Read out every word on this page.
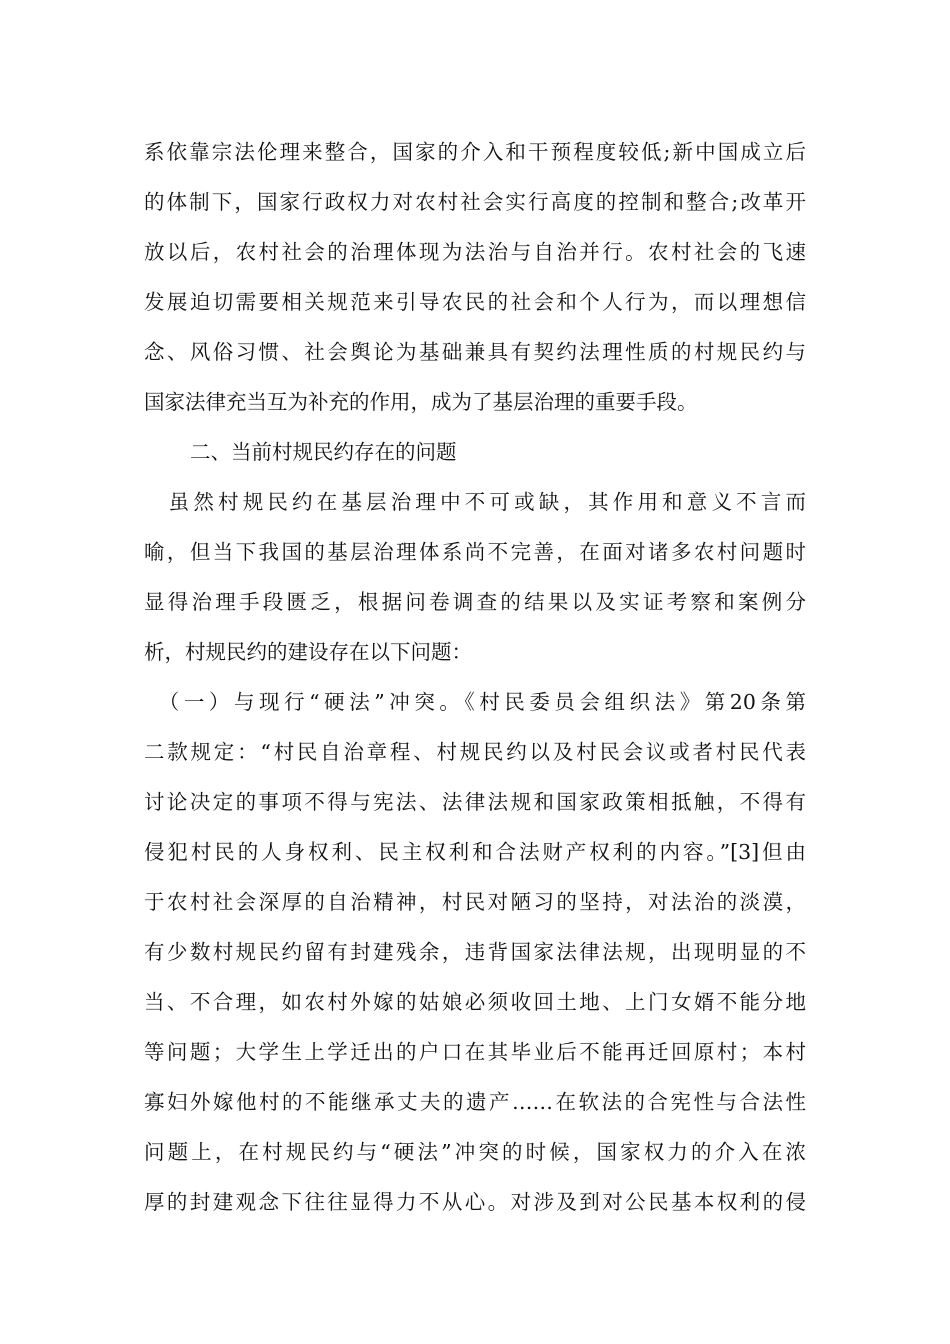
系依靠宗法伦理来整合，国家的介入和干预程度较低;新中国成立后
的体制下，国家行政权力对农村社会实行高度的控制和整合;改革开
放以后，农村社会的治理体现为法治与自治并行。农村社会的飞速
发展迫切需要相关规范来引导农民的社会和个人行为，而以理想信
念、风俗习惯、社会舆论为基础兼具有契约法理性质的村规民约与
国家法律充当互为补充的作用，成为了基层治理的重要手段。
二、当前村规民约存在的问题
　虽然村规民约在基层治理中不可或缺，其作用和意义不言而
喻，但当下我国的基层治理体系尚不完善，在面对诸多农村问题时
显得治理手段匮乏，根据问卷调查的结果以及实证考察和案例分
析，村规民约的建设存在以下问题：
　（一）与现行“硬法”冲突。《村民委员会组织法》第20条第
二款规定：“村民自治章程、村规民约以及村民会议或者村民代表
讨论决定的事项不得与宪法、法律法规和国家政策相抵触，不得有
侵犯村民的人身权利、民主权利和合法财产权利的内容。”[3]但由
于农村社会深厚的自治精神，村民对陋习的坚持，对法治的淡漠，
有少数村规民约留有封建残余，违背国家法律法规，出现明显的不
当、不合理，如农村外嫁的姑娘必须收回土地、上门女婿不能分地
等问题；大学生上学迁出的户口在其毕业后不能再迁回原村；本村
寡妇外嫁他村的不能继承丈夫的遗产……在软法的合宪性与合法性
问题上，在村规民约与“硬法”冲突的时候，国家权力的介入在浓
厚的封建观念下往往显得力不从心。对涉及到对公民基本权利的侵
